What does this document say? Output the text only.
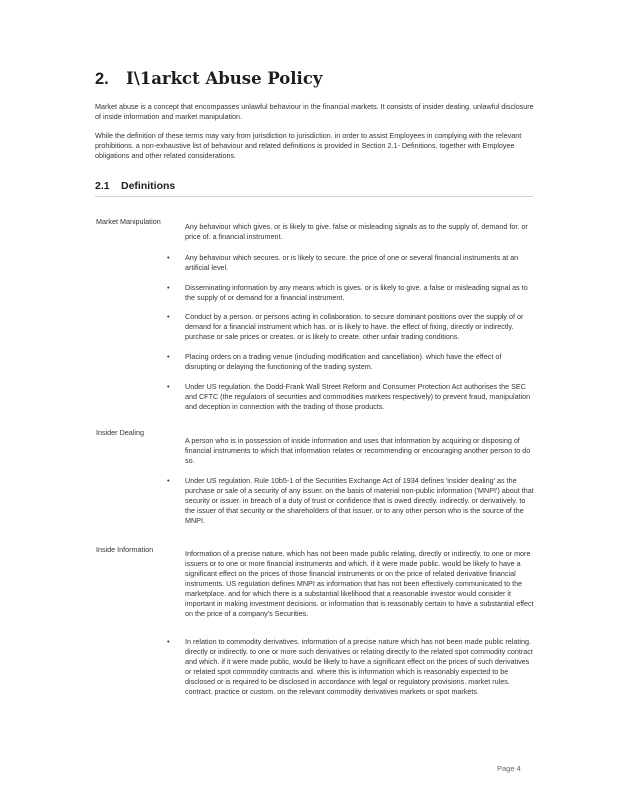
2. I\1arkct Abuse Policy

Market abuse is a concept that encompasses unlawful behaviour in the financial markets. It consists of insider dealing. unlawful disclosure of inside information and market manipulation.

While the definition of these terms may vary from jurisdiction to jurisdiction. in order to assist Employees in complying with the relevant prohibitions. a non-exhaustive list of behaviour and related definitions is provided in Section 2.1- Definitions. together with Employee obligations and other related considerations.

2.1 Definitions
Market Manipulation

Any behaviour which gives. or is likely to give. false or misleading signals as to the supply of. demand for. or price of. a financial instrument.

• Any behaviour which secures. or is likely to secure. the price of one or several financial instruments at an artificial level.

• Disseminating information by any means which is gives. or is likely to give. a false or misleading signal as to the supply of or demand for a financial instrument.

• Conduct by a person. or persons acting in collaboration. to secure dominant positions over the supply of or demand for a financial instrument which has. or is likely to have. the effect of fixing, directly or indirectly. purchase or sale prices or creates. or is likely to create. other unfair trading conditions.

• Placing orders on a trading venue (including modification and cancellation). which have the effect of disrupting or delaying the functioning of the trading system.

• Under US regulation. the Dodd-Frank Wall Street Reform and Consumer Protection Act authorises the SEC and CFTC (the regulators of securities and commodities markets respectively) to prevent fraud, manipulation and deception in connection with the trading of those products.

Insider Dealing

A person who is in possession of inside information and uses that information by acquiring or disposing of financial instruments to which that information relates or recommending or encouraging another person to do so.

• Under US regulation. Rule 10b5-1 of the Securities Exchange Act of 1934 defines 'insider dealing' as the purchase or sale of a security of any issuer. on the basis of material non-public information ('MNPI') about that security or issuer. in breach of a duty of trust or confidence that is owed directly. indirectly. or derivatively. to the issuer of that security or the shareholders of that issuer. or to any other person who is the source of the MNPI.

Inside Information	Information of a precise nature. which has not been made public relating, directly or indirectly. to one or more issuers or to one or more financial instruments and which. if it were made public. would be likely to have a significant effect on the prices of those financial instruments or on the price of related derivative financial instruments. US regulation defines MNPI as information that has not been effectively communicated to the marketplace. and for which there is a substantial likelihood that a reasonable investor would consider it important in making investment decisions. or information that is reasonably certain to have a substantial effect on the price of a company's Securities.

• In relation to commodity derivatives. information of a precise nature which has not been made public relating. directly or indirectly. to one or more such derivatives or relating directly to the related spot commodity contract and which. if it were made public, would be likely to have a significant effect on the prices of such derivatives or related spot commodity contracts and. where this is information which is reasonably expected to be disclosed or is required to be disclosed in accordance with legal or regulatory provisions. market rules. contract. practice or custom. on the relevant commodity derivatives markets or spot markets.

Page 4
